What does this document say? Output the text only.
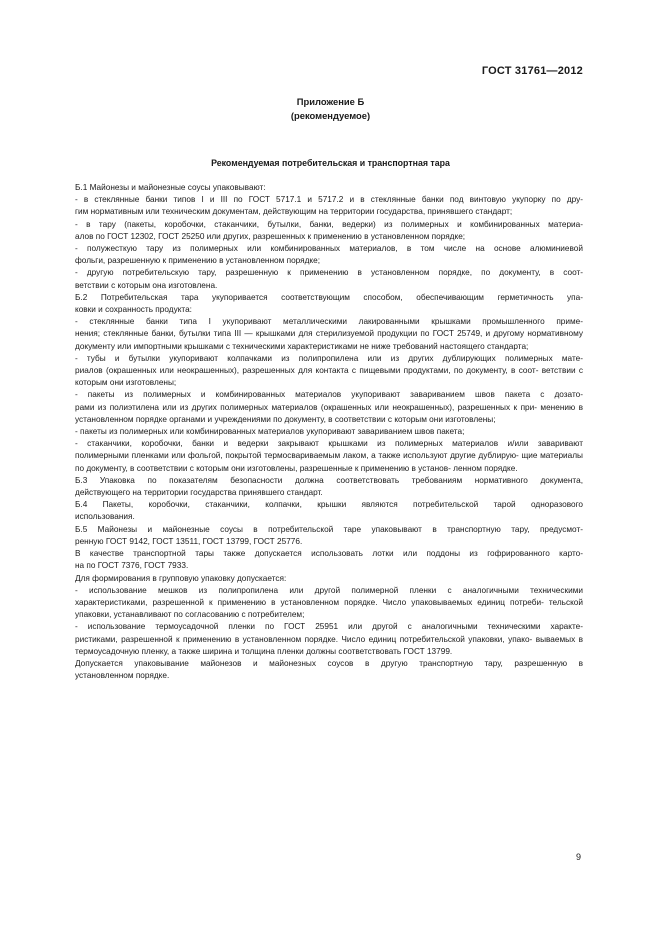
ГОСТ 31761—2012
Приложение Б
(рекомендуемое)
Рекомендуемая потребительская и транспортная тара

Б.1 Майонезы и майонезные соусы упаковывают:

- в стеклянные банки типов I и III по ГОСТ 5717.1 и 5717.2 и в стеклянные банки под винтовую укупорку по дру-
гим нормативным или техническим документам, действующим на территории государства, принявшего стандарт;

- в тару (пакеты, коробочки, стаканчики, бутылки, банки, ведерки) из полимерных и комбинированных материа-
алов по ГОСТ 12302, ГОСТ 25250 или других, разрешенных к применению в установленном порядке;

- полужесткую тару из полимерных или комбинированных материалов, в том числе на основе алюминиевой
фольги, разрешенную к применению в установленном порядке;

- другую потребительскую тару, разрешенную к применению в установленном порядке, по документу, в соот-
ветствии с которым она изготовлена.

Б.2 Потребительская тара укупоривается соответствующим способом, обеспечивающим герметичность упа-
ковки и сохранность продукта:

- стеклянные банки типа I укупоривают металлическими лакированными крышками промышленного приме-
нения; стеклянные банки, бутылки типа III — крышками для стерилизуемой продукции по ГОСТ 25749, и другому нормативному документу или импортными крышками с техническими характеристиками не ниже требований настоящего стандарта;

- тубы и бутылки укупоривают колпачками из полипропилена или из других дублирующих полимерных мате-
риалов (окрашенных или неокрашенных), разрешенных для контакта с пищевыми продуктами, по документу, в соот- ветствии с которым они изготовлены;

- пакеты из полимерных и комбинированных материалов укупоривают завариванием швов пакета с дозато-
рами из полиэтилена или из других полимерных материалов (окрашенных или неокрашенных), разрешенных к при- менению в установленном порядке органами и учреждениями по документу, в соответствии с которым они изготовлены;

- пакеты из полимерных или комбинированных материалов укупоривают завариванием швов пакета;

- стаканчики, коробочки, банки и ведерки закрывают крышками из полимерных материалов и/или заваривают
полимерными пленками или фольгой, покрытой термосвариваемым лаком, а также используют другие дублирую- щие материалы по документу, в соответствии с которым они изготовлены, разрешенные к применению в установ- ленном порядке.

Б.3 Упаковка по показателям безопасности должна соответствовать требованиям нормативного документа,
действующего на территории государства принявшего стандарт.

Б.4 Пакеты, коробочки, стаканчики, колпачки, крышки являются потребительской тарой одноразового
использования.

Б.5 Майонезы и майонезные соусы в потребительской таре упаковывают в транспортную тару, предусмот-
ренную ГОСТ 9142, ГОСТ 13511, ГОСТ 13799, ГОСТ 25776.

В качестве транспортной тары также допускается использовать лотки или поддоны из гофрированного карто-
на по ГОСТ 7376, ГОСТ 7933.

Для формирования в групповую упаковку допускается:

- использование мешков из полипропилена или другой полимерной пленки с аналогичными техническими
характеристиками, разрешенной к применению в установленном порядке. Число упаковываемых единиц потреби- тельской упаковки, устанавливают по согласованию с потребителем;

- использование термоусадочной пленки по ГОСТ 25951 или другой с аналогичными техническими характе-
ристиками, разрешенной к применению в установленном порядке. Число единиц потребительской упаковки, упако- вываемых в термоусадочную пленку, а также ширина и толщина пленки должны соответствовать ГОСТ 13799.

Допускается упаковывание майонезов и майонезных соусов в другую транспортную тару, разрешенную в
установленном порядке.

9
